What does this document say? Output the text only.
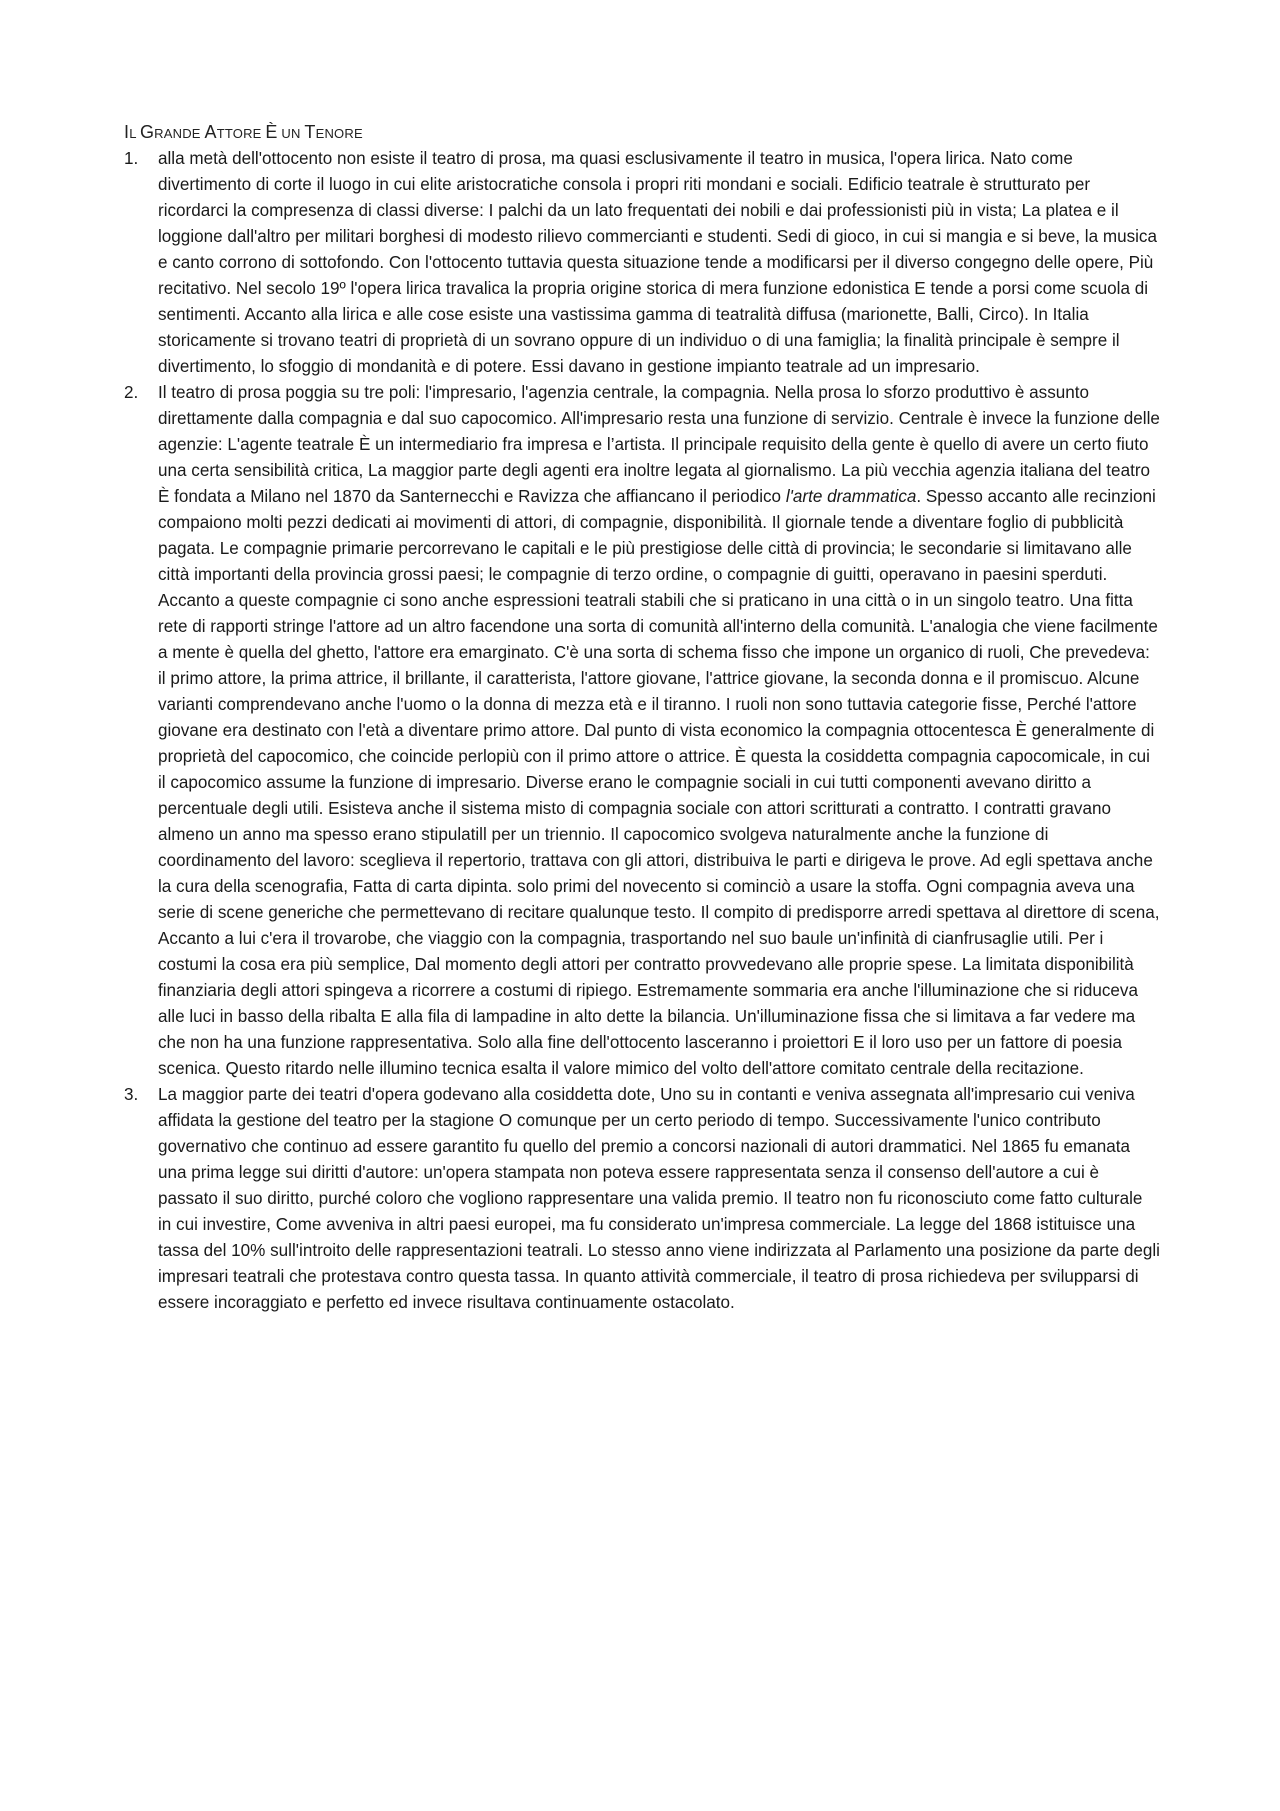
IL GRANDE ATTORE È UN TENORE
1. alla metà dell'ottocento non esiste il teatro di prosa, ma quasi esclusivamente il teatro in musica, l'opera lirica. Nato come divertimento di corte il luogo in cui elite aristocratiche consola i propri riti mondani e sociali. Edificio teatrale è strutturato per ricordarci la compresenza di classi diverse: I palchi da un lato frequentati dei nobili e dai professionisti più in vista; La platea e il loggione dall'altro per militari borghesi di modesto rilievo commercianti e studenti. Sedi di gioco, in cui si mangia e si beve, la musica e canto corrono di sottofondo. Con l'ottocento tuttavia questa situazione tende a modificarsi per il diverso congegno delle opere, Più recitativo. Nel secolo 19º l'opera lirica travalica la propria origine storica di mera funzione edonistica E tende a porsi come scuola di sentimenti. Accanto alla lirica e alle cose esiste una vastissima gamma di teatralità diffusa (marionette, Balli, Circo). In Italia storicamente si trovano teatri di proprietà di un sovrano oppure di un individuo o di una famiglia; la finalità principale è sempre il divertimento, lo sfoggio di mondanità e di potere. Essi davano in gestione impianto teatrale ad un impresario.
2. Il teatro di prosa poggia su tre poli: l'impresario, l'agenzia centrale, la compagnia. Nella prosa lo sforzo produttivo è assunto direttamente dalla compagnia e dal suo capocomico. All'impresario resta una funzione di servizio. Centrale è invece la funzione delle agenzie: L'agente teatrale È un intermediario fra impresa e l’artista. Il principale requisito della gente è quello di avere un certo fiuto una certa sensibilità critica, La maggior parte degli agenti era inoltre legata al giornalismo. La più vecchia agenzia italiana del teatro È fondata a Milano nel 1870 da Santernecchi e Ravizza che affiancano il periodico l'arte drammatica. Spesso accanto alle recinzioni compaiono molti pezzi dedicati ai movimenti di attori, di compagnie, disponibilità. Il giornale tende a diventare foglio di pubblicità pagata. Le compagnie primarie percorrevano le capitali e le più prestigiose delle città di provincia; le secondarie si limitavano alle città importanti della provincia grossi paesi; le compagnie di terzo ordine, o compagnie di guitti, operavano in paesini sperduti. Accanto a queste compagnie ci sono anche espressioni teatrali stabili che si praticano in una città o in un singolo teatro. Una fitta rete di rapporti stringe l'attore ad un altro facendone una sorta di comunità all'interno della comunità. L'analogia che viene facilmente a mente è quella del ghetto, l'attore era emarginato. C'è una sorta di schema fisso che impone un organico di ruoli, Che prevedeva: il primo attore, la prima attrice, il brillante, il caratterista, l'attore giovane, l'attrice giovane, la seconda donna e il promiscuo. Alcune varianti comprendevano anche l'uomo o la donna di mezza età e il tiranno. I ruoli non sono tuttavia categorie fisse, Perché l'attore giovane era destinato con l'età a diventare primo attore. Dal punto di vista economico la compagnia ottocentesca È generalmente di proprietà del capocomico, che coincide perlopiù con il primo attore o attrice. È questa la cosiddetta compagnia capocomicale, in cui il capocomico assume la funzione di impresario. Diverse erano le compagnie sociali in cui tutti componenti avevano diritto a percentuale degli utili. Esisteva anche il sistema misto di compagnia sociale con attori scritturati a contratto. I contratti gravano almeno un anno ma spesso erano stipulatill per un triennio. Il capocomico svolgeva naturalmente anche la funzione di coordinamento del lavoro: sceglieva il repertorio, trattava con gli attori, distribuiva le parti e dirigeva le prove. Ad egli spettava anche la cura della scenografia, Fatta di carta dipinta. solo primi del novecento si cominciò a usare la stoffa. Ogni compagnia aveva una serie di scene generiche che permettevano di recitare qualunque testo. Il compito di predisporre arredi spettava al direttore di scena, Accanto a lui c'era il trovarobe, che viaggio con la compagnia, trasportando nel suo baule un'infinità di cianfrusaglie utili. Per i costumi la cosa era più semplice, Dal momento degli attori per contratto provvedevano alle proprie spese. La limitata disponibilità finanziaria degli attori spingeva a ricorrere a costumi di ripiego. Estremamente sommaria era anche l'illuminazione che si riduceva alle luci in basso della ribalta E alla fila di lampadine in alto dette la bilancia. Un'illuminazione fissa che si limitava a far vedere ma che non ha una funzione rappresentativa. Solo alla fine dell'ottocento lasceranno i proiettori E il loro uso per un fattore di poesia scenica. Questo ritardo nelle illumino tecnica esalta il valore mimico del volto dell'attore comitato centrale della recitazione.
3. La maggior parte dei teatri d'opera godevano alla cosiddetta dote, Uno su in contanti e veniva assegnata all'impresario cui veniva affidata la gestione del teatro per la stagione O comunque per un certo periodo di tempo. Successivamente l'unico contributo governativo che continuo ad essere garantito fu quello del premio a concorsi nazionali di autori drammatici. Nel 1865 fu emanata una prima legge sui diritti d'autore: un'opera stampata non poteva essere rappresentata senza il consenso dell'autore a cui è passato il suo diritto, purché coloro che vogliono rappresentare una valida premio. Il teatro non fu riconosciuto come fatto culturale in cui investire, Come avveniva in altri paesi europei, ma fu considerato un'impresa commerciale. La legge del 1868 istituisce una tassa del 10% sull'introito delle rappresentazioni teatrali. Lo stesso anno viene indirizzata al Parlamento una posizione da parte degli impresari teatrali che protestava contro questa tassa. In quanto attività commerciale, il teatro di prosa richiedeva per svilupparsi di essere incoraggiato e perfetto ed invece risultava continuamente ostacolato.
